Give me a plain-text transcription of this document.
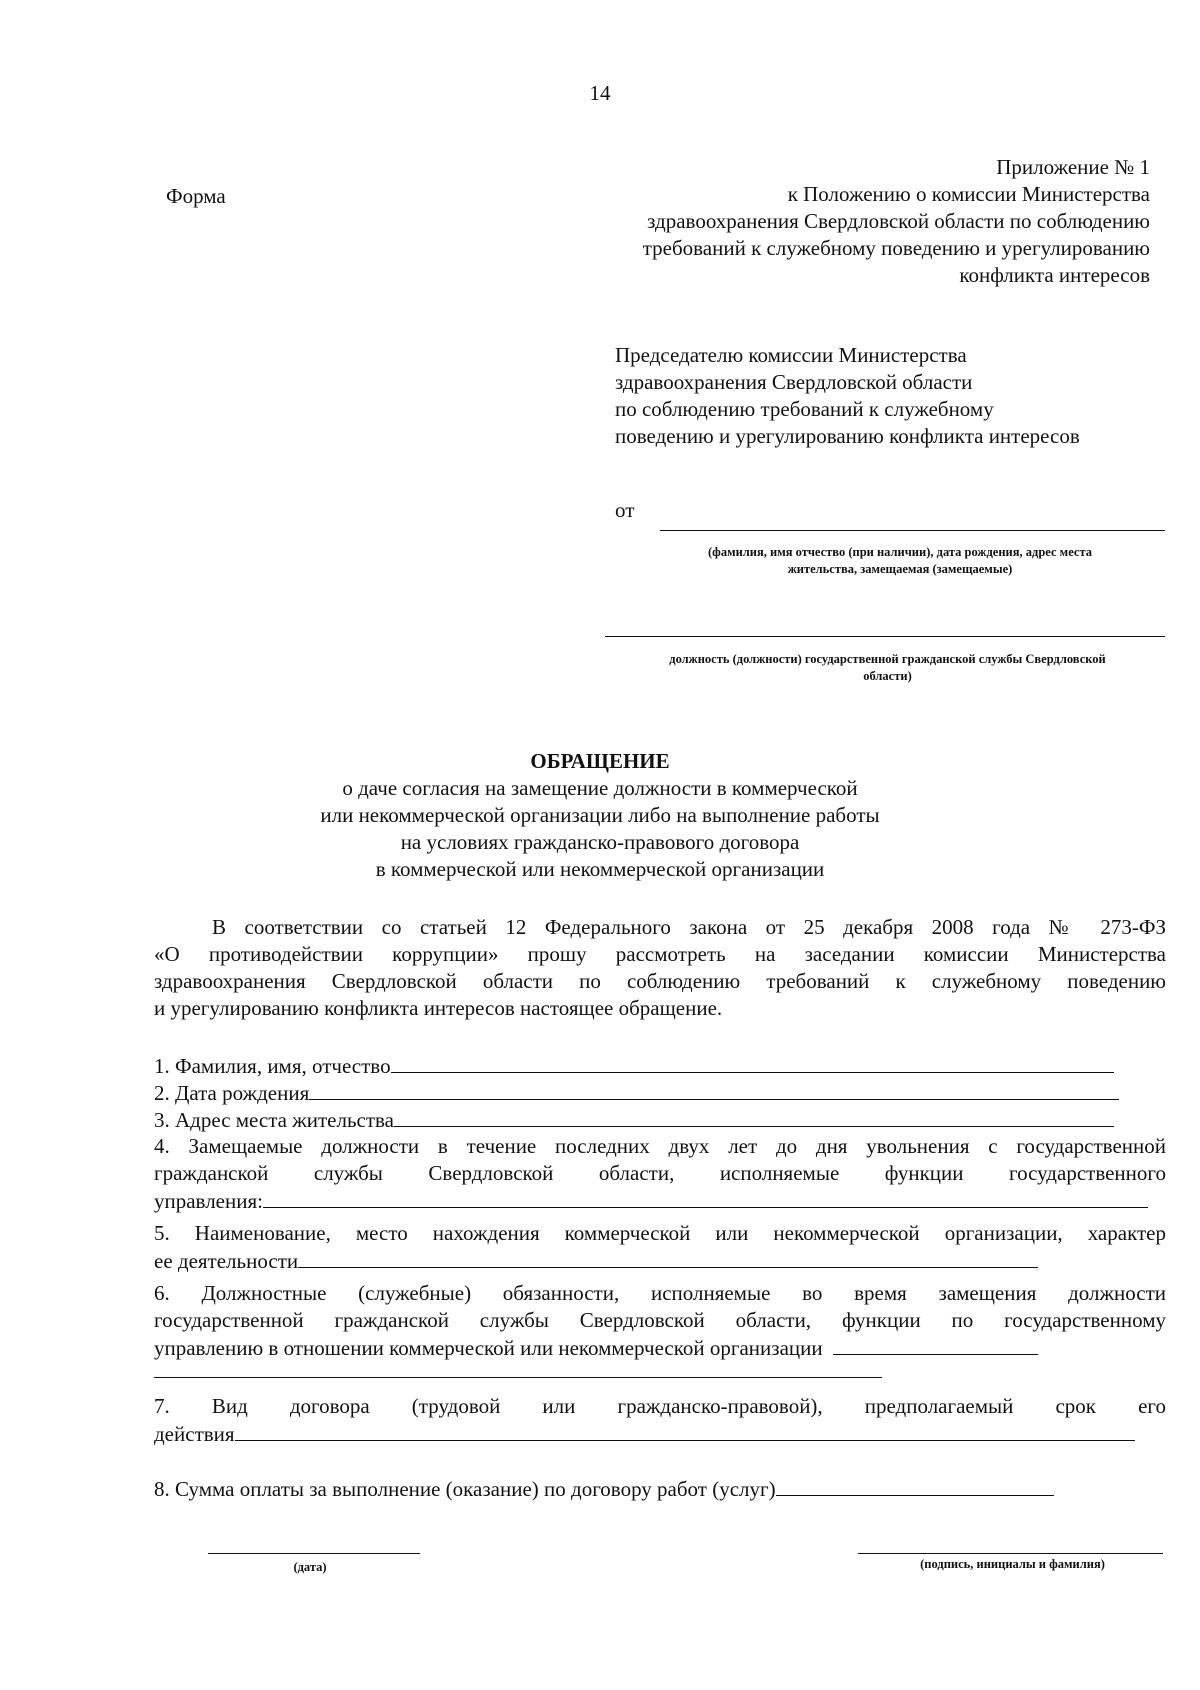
14
Форма
Приложение № 1
к Положению о комиссии Министерства
здравоохранения Свердловской области по соблюдению
требований к служебному поведению и урегулированию
конфликта интересов
Председателю комиссии Министерства
здравоохранения Свердловской области
по соблюдению требований к служебному
поведению и урегулированию конфликта интересов
от
(фамилия, имя отчество (при наличии), дата рождения, адрес места
жительства, замещаемая (замещаемые)
должность (должности) государственной гражданской службы Свердловской
области)
ОБРАЩЕНИЕ
о даче согласия на замещение должности в коммерческой
или некоммерческой организации либо на выполнение работы
на условиях гражданско-правового договора
в коммерческой или некоммерческой организации
В соответствии со статьей 12 Федерального закона от 25 декабря 2008 года № 273-ФЗ
«О противодействии коррупции» прошу рассмотреть на заседании комиссии Министерства
здравоохранения Свердловской области по соблюдению требований к служебному поведению
и урегулированию конфликта интересов настоящее обращение.
1. Фамилия, имя, отчество
2. Дата рождения
3. Адрес места жительства
4. Замещаемые должности в течение последних двух лет до дня увольнения с государственной
гражданской службы Свердловской области, исполняемые функции государственного
управления:
5. Наименование, место нахождения коммерческой или некоммерческой организации, характер
ее деятельности
6. Должностные (служебные) обязанности, исполняемые во время замещения должности
государственной гражданской службы Свердловской области, функции по государственному
управлению в отношении коммерческой или некоммерческой организации
7. Вид договора (трудовой или гражданско-правовой), предполагаемый срок его
действия
8. Сумма оплаты за выполнение (оказание) по договору работ (услуг)
(дата)	(подпись, инициалы и фамилия)
